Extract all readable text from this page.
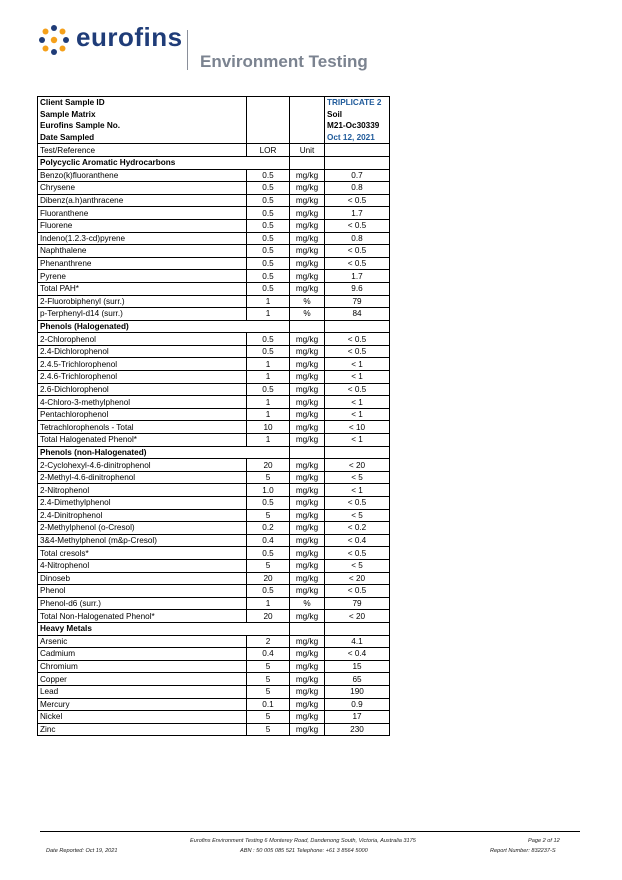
eurofins
Environment Testing
Client Sample ID			TRIPLICATE 2
Sample Matrix			Soil
Eurofins Sample No.			M21-Oc30339
Date Sampled			Oct 12, 2021
Test/Reference	LOR	Unit	
Polycyclic Aromatic Hydrocarbons			
Benzo(k)fluoranthene	0.5	mg/kg	0.7
Chrysene	0.5	mg/kg	0.8
Dibenz(a.h)anthracene	0.5	mg/kg	< 0.5
Fluoranthene	0.5	mg/kg	1.7
Fluorene	0.5	mg/kg	< 0.5
Indeno(1.2.3-cd)pyrene	0.5	mg/kg	0.8
Naphthalene	0.5	mg/kg	< 0.5
Phenanthrene	0.5	mg/kg	< 0.5
Pyrene	0.5	mg/kg	1.7
Total PAH*	0.5	mg/kg	9.6
2-Fluorobiphenyl (surr.)	1	%	79
p-Terphenyl-d14 (surr.)	1	%	84
Phenols (Halogenated)			
2-Chlorophenol	0.5	mg/kg	< 0.5
2.4-Dichlorophenol	0.5	mg/kg	< 0.5
2.4.5-Trichlorophenol	1	mg/kg	< 1
2.4.6-Trichlorophenol	1	mg/kg	< 1
2.6-Dichlorophenol	0.5	mg/kg	< 0.5
4-Chloro-3-methylphenol	1	mg/kg	< 1
Pentachlorophenol	1	mg/kg	< 1
Tetrachlorophenols - Total	10	mg/kg	< 10
Total Halogenated Phenol*	1	mg/kg	< 1
Phenols (non-Halogenated)			
2-Cyclohexyl-4.6-dinitrophenol	20	mg/kg	< 20
2-Methyl-4.6-dinitrophenol	5	mg/kg	< 5
2-Nitrophenol	1.0	mg/kg	< 1
2.4-Dimethylphenol	0.5	mg/kg	< 0.5
2.4-Dinitrophenol	5	mg/kg	< 5
2-Methylphenol (o-Cresol)	0.2	mg/kg	< 0.2
3&4-Methylphenol (m&p-Cresol)	0.4	mg/kg	< 0.4
Total cresols*	0.5	mg/kg	< 0.5
4-Nitrophenol	5	mg/kg	< 5
Dinoseb	20	mg/kg	< 20
Phenol	0.5	mg/kg	< 0.5
Phenol-d6 (surr.)	1	%	79
Total Non-Halogenated Phenol*	20	mg/kg	< 20
Heavy Metals			
Arsenic	2	mg/kg	4.1
Cadmium	0.4	mg/kg	< 0.4
Chromium	5	mg/kg	15
Copper	5	mg/kg	65
Lead	5	mg/kg	190
Mercury	0.1	mg/kg	0.9
Nickel	5	mg/kg	17
Zinc	5	mg/kg	230
Eurofins Environment Testing 6 Monterey Road, Dandenong South, Victoria, Australia 3175	Page 2 of 12
Date Reported: Oct 19, 2021	ABN : 50 005 085 521 Telephone: +61 3 8564 5000	Report Number: 832237-S
